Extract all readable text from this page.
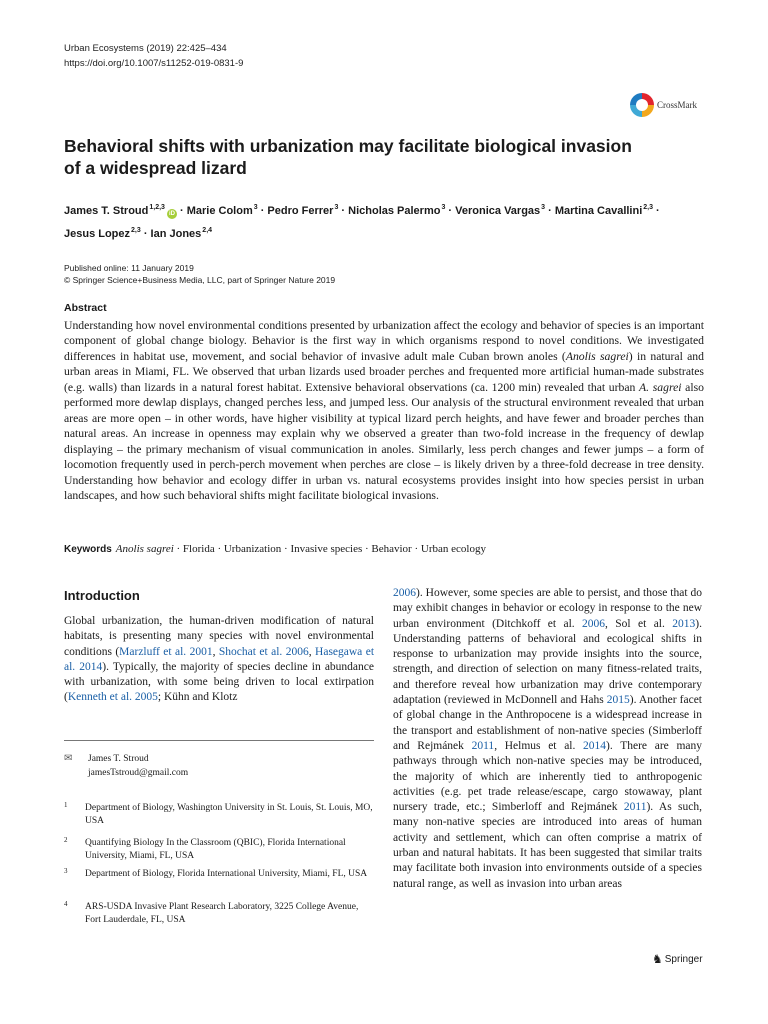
Urban Ecosystems (2019) 22:425–434
https://doi.org/10.1007/s11252-019-0831-9
CrossMark
Behavioral shifts with urbanization may facilitate biological invasion
of a widespread lizard
James T. Stroud$^{1,2,3}$iD · Marie Colom$^3$ · Pedro Ferrer$^3$ · Nicholas Palermo$^3$ · Veronica Vargas$^3$ · Martina Cavallini$^{2,3}$ ·
Jesus Lopez$^{2,3}$ · Ian Jones$^{2,4}$
Published online: 11 January 2019
© Springer Science+Business Media, LLC, part of Springer Nature 2019
Abstract
Understanding how novel environmental conditions presented by urbanization affect the ecology and behavior of species is an important component of global change biology. Behavior is the first way in which organisms respond to novel conditions. We investigated differences in habitat use, movement, and social behavior of invasive adult male Cuban brown anoles (Anolis sagrei) in natural and urban areas in Miami, FL. We observed that urban lizards used broader perches and frequented more artificial human-made substrates (e.g. walls) than lizards in a natural forest habitat. Extensive behavioral observations (ca. 1200 min) revealed that urban A. sagrei also performed more dewlap displays, changed perches less, and jumped less. Our analysis of the structural environment revealed that urban areas are more open – in other words, have higher visibility at typical lizard perch heights, and have fewer and broader perches than natural areas. An increase in openness may explain why we observed a greater than two-fold increase in the frequency of dewlap displaying – the primary mechanism of visual communication in anoles. Similarly, less perch changes and fewer jumps – a form of locomotion frequently used in perch-perch movement when perches are close – is likely driven by a three-fold decrease in tree density. Understanding how behavior and ecology differ in urban vs. natural ecosystems provides insight into how species persist in urban landscapes, and how such behavioral shifts might facilitate biological invasions.
Keywords Anolis sagrei · Florida · Urbanization · Invasive species · Behavior · Urban ecology
Introduction
Global urbanization, the human-driven modification of natural habitats, is presenting many species with novel environmental conditions (Marzluff et al. 2001, Shochat et al. 2006, Hasegawa et al. 2014). Typically, the majority of species decline in abundance with urbanization, with some being driven to local extirpation (Kenneth et al. 2005; Kühn and Klotz
2006). However, some species are able to persist, and those that do may exhibit changes in behavior or ecology in response to the new urban environment (Ditchkoff et al. 2006, Sol et al. 2013). Understanding patterns of behavioral and ecological shifts in response to urbanization may provide insights into the source, strength, and direction of selection on many fitness-related traits, and therefore reveal how urbanization may drive contemporary adaptation (reviewed in McDonnell and Hahs 2015). Another facet of global change in the Anthropocene is a widespread increase in the transport and establishment of non-native species (Simberloff and Rejmánek 2011, Helmus et al. 2014). There are many pathways through which non-native species may be introduced, the majority of which are inherently tied to anthropogenic activities (e.g. pet trade release/escape, cargo stowaway, plant nursery trade, etc.; Simberloff and Rejmánek 2011). As such, many non-native species are introduced into areas of human activity and settlement, which can often comprise a matrix of urban and natural habitats. It has been suggested that similar traits may facilitate both invasion into environments outside of a species natural range, as well as invasion into urban areas
✉ James T. Stroud
jamesTstroud@gmail.com
1 Department of Biology, Washington University in St. Louis, St. Louis, MO, USA
2 Quantifying Biology In the Classroom (QBIC), Florida International University, Miami, FL, USA
3 Department of Biology, Florida International University, Miami, FL, USA
4 ARS-USDA Invasive Plant Research Laboratory, 3225 College Avenue, Fort Lauderdale, FL, USA
♞ Springer
